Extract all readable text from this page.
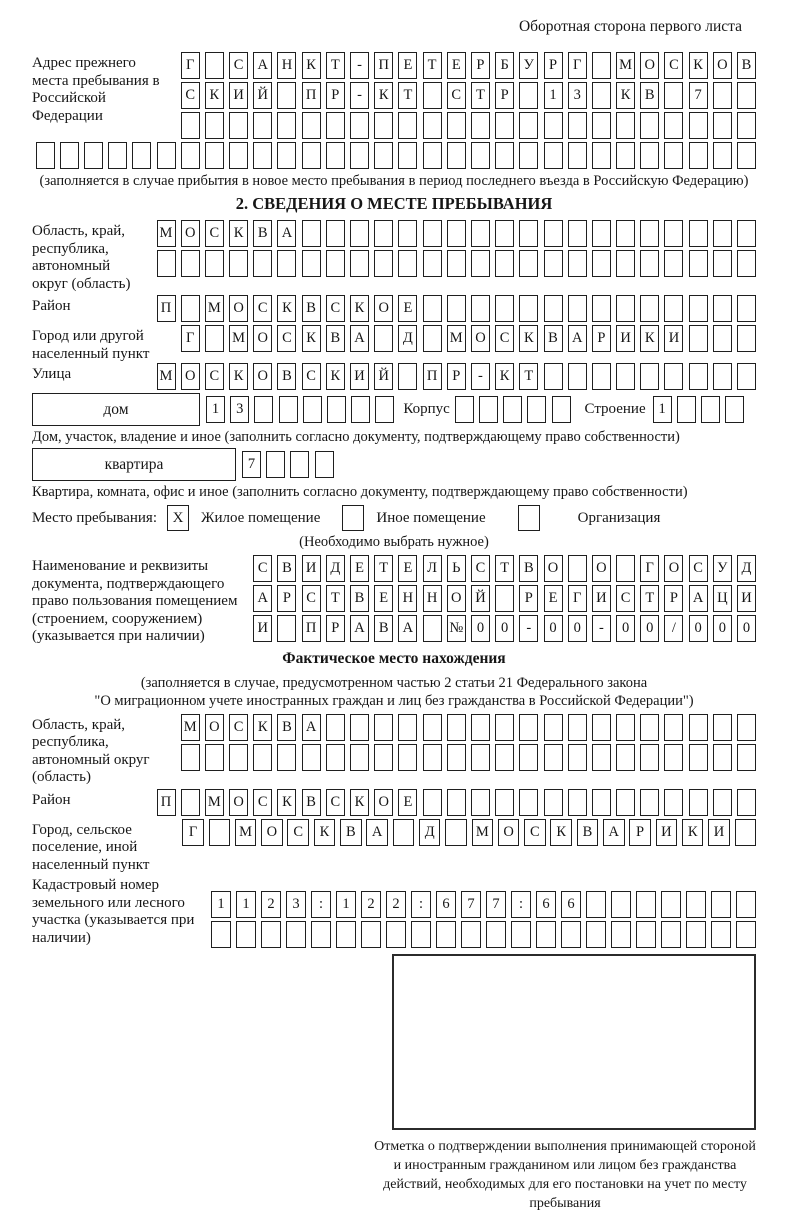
Оборотная сторона первого листа
Адрес прежнего места пребывания в Российской Федерации
Г	С А Н К	Т	-	П	Е	Т	Е	Р	Б	У	Р	Г	М О С	К О В
С	К И Й	П	Р	-	К	Т	С	Т	Р	1	3	К	В	7
(заполняется в случае прибытия в новое место пребывания в период последнего въезда в Российскую Федерацию)
2. СВЕДЕНИЯ О МЕСТЕ ПРЕБЫВАНИЯ
Область, край, республика, автономный округ (область)
М О С	К	В А
Район	П	М О С	К	В	С	К О	Е
Город или другой населенный пункт
Г	М О С	К	В А	Д	М О С	К	В А	Р	И К И
Улица	М О С	К О В	С	К И Й	П	Р	-	К	Т
дом	1	3	Корпус	Строение 1
Дом, участок, владение и иное (заполнить согласно документу, подтверждающему право собственности)
квартира	7
Квартира, комната, офис и иное (заполнить согласно документу, подтверждающему право собственности)
Место пребывания:	X	Жилое помещение	Иное помещение	Организация
(Необходимо выбрать нужное)
Наименование и реквизиты документа, подтверждающего право пользования помещением (строением, сооружением) (указывается при наличии)
С	В И Д	Е	Т	Е	Л	Ь	С	Т	В О	О	Г	О С У Д
А	Р	С	Т	В	Е	Н Н О Й	Р	Е	Г	И С	Т	Р	А Ц И
И	П	Р	А В А № 0	0	-	0	0	-	0	0	/	0	0	0
Фактическое место нахождения
(заполняется в случае, предусмотренном частью 2 статьи 21 Федерального закона
"О миграционном учете иностранных граждан и лиц без гражданства в Российской Федерации")
Область, край, республика, автономный округ (область)
М О С	К	В А
Район	П	М О С	К	В	С	К О	Е
Город, сельское поселение, иной населенный пункт
Г	М	О	С	К	В	А	Д	М	О	С	К	В	А	Р	И	К	И
Кадастровый номер земельного или лесного участка (указывается при наличии)
1	1	2	3	:	1	2	2	:	6	7	7	:	6	6
Отметка о подтверждении выполнения принимающей стороной и иностранным гражданином или лицом без гражданства действий, необходимых для его постановки на учет по месту пребывания
